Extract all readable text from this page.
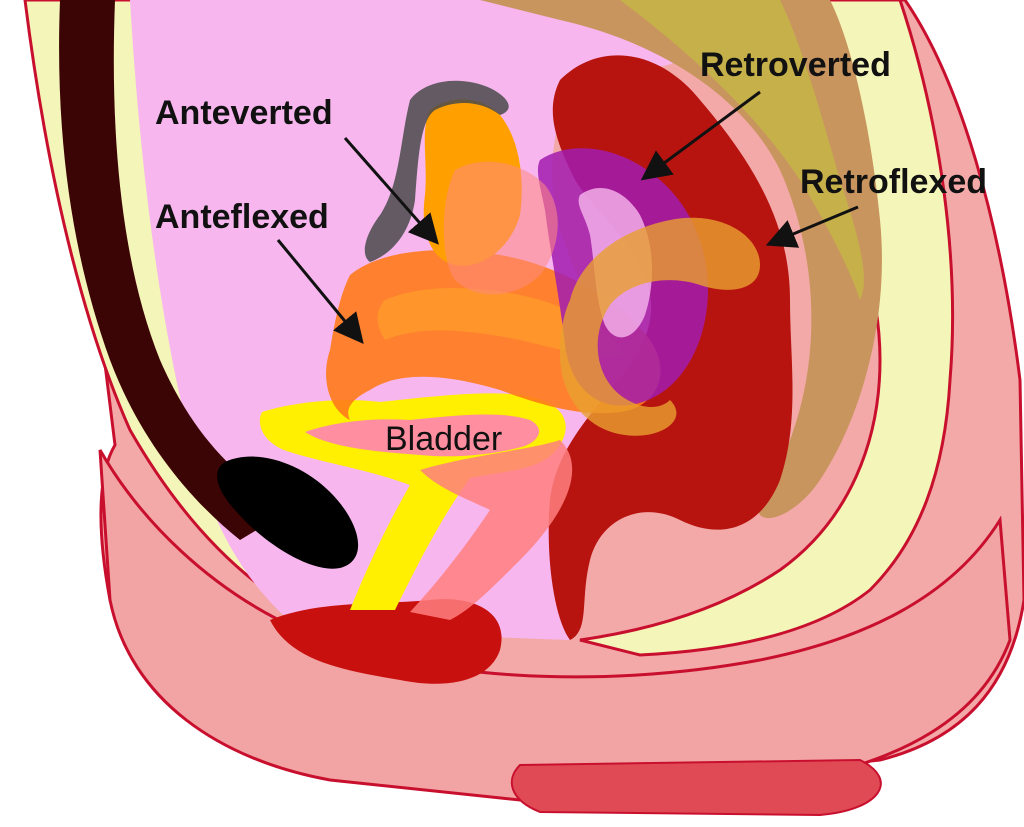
Anteverted
Anteflexed
Retroverted
Retroflexed
Bladder
